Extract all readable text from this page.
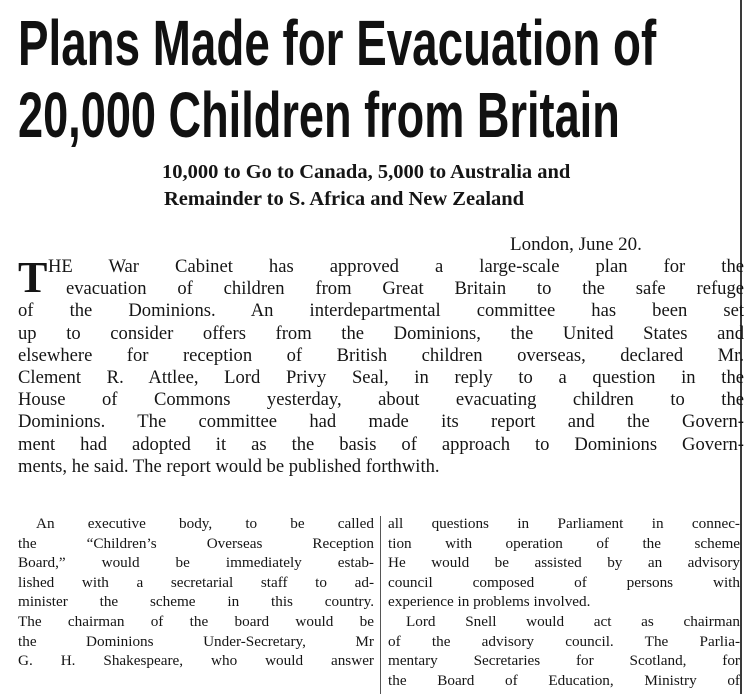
Plans Made for Evacuation of
20,000 Children from Britain
10,000 to Go to Canada, 5,000 to Australia and
Remainder to S. Africa and New Zealand
London, June 20.
T HE War Cabinet has approved a large-scale plan for the
evacuation of children from Great Britain to the safe refuge
of the Dominions. An interdepartmental committee has been set
up to consider offers from the Dominions, the United States and
elsewhere for reception of British children overseas, declared Mr.
Clement R. Attlee, Lord Privy Seal, in reply to a question in the
House of Commons yesterday, about evacuating children to the
Dominions. The committee had made its report and the Govern-
ment had adopted it as the basis of approach to Dominions Govern-
ments, he said. The report would be published forthwith.
An executive body, to be called
the “Children’s Overseas Reception
Board,” would be immediately estab-
lished with a secretarial staff to ad-
minister the scheme in this country.
The chairman of the board would be
the Dominions Under-Secretary, Mr
G. H. Shakespeare, who would answer
all questions in Parliament in connec-
tion with operation of the scheme
He would be assisted by an advisory
council composed of persons with
experience in problems involved.
Lord Snell would act as chairman
of the advisory council. The Parlia-
mentary Secretaries for Scotland, for
the Board of Education, Ministry of
